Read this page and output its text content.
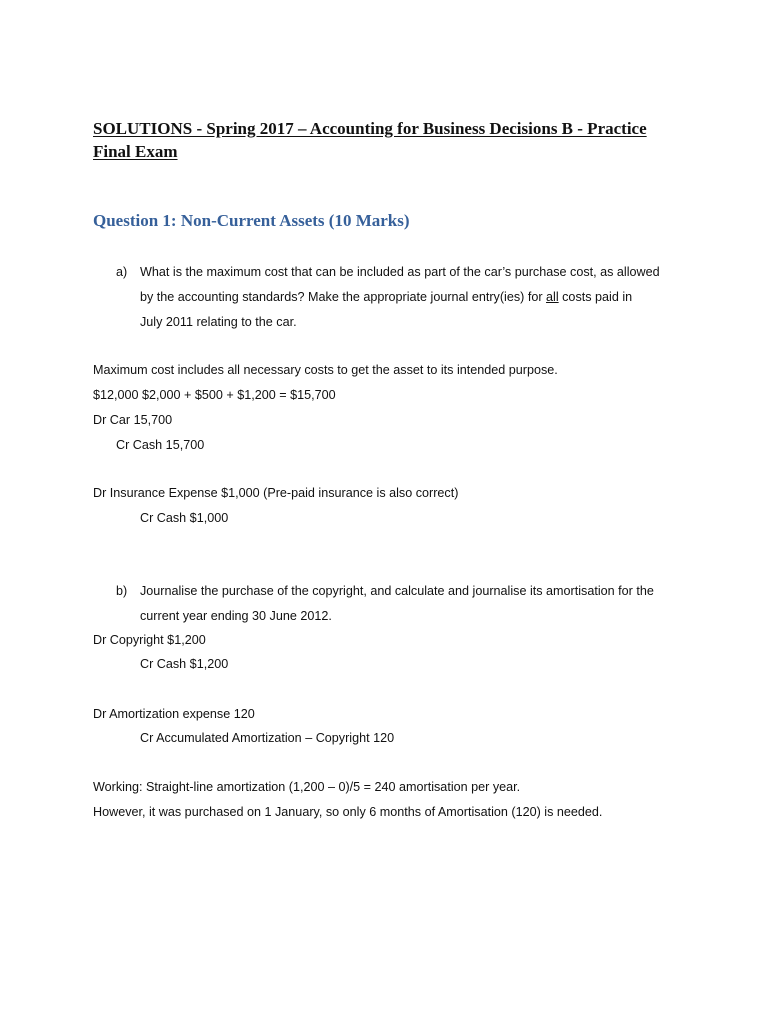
SOLUTIONS - Spring 2017 – Accounting for Business Decisions B - Practice Final Exam
Question 1: Non-Current Assets (10 Marks)

a) What is the maximum cost that can be included as part of the car’s purchase cost, as allowed

by the accounting standards? Make the appropriate journal entry(ies) for all costs paid in

July 2011 relating to the car.

Maximum cost includes all necessary costs to get the asset to its intended purpose.

$12,000 $2,000 + $500 + $1,200 = $15,700

Dr Car 15,700

Cr Cash 15,700

Dr Insurance Expense $1,000 (Pre-paid insurance is also correct)

Cr Cash $1,000

b) Journalise the purchase of the copyright, and calculate and journalise its amortisation for the

current year ending 30 June 2012.

Dr Copyright $1,200

Cr Cash $1,200

Dr Amortization expense 120

Cr Accumulated Amortization – Copyright 120

Working: Straight-line amortization (1,200 – 0)/5 = 240 amortisation per year.

However, it was purchased on 1 January, so only 6 months of Amortisation (120) is needed.
